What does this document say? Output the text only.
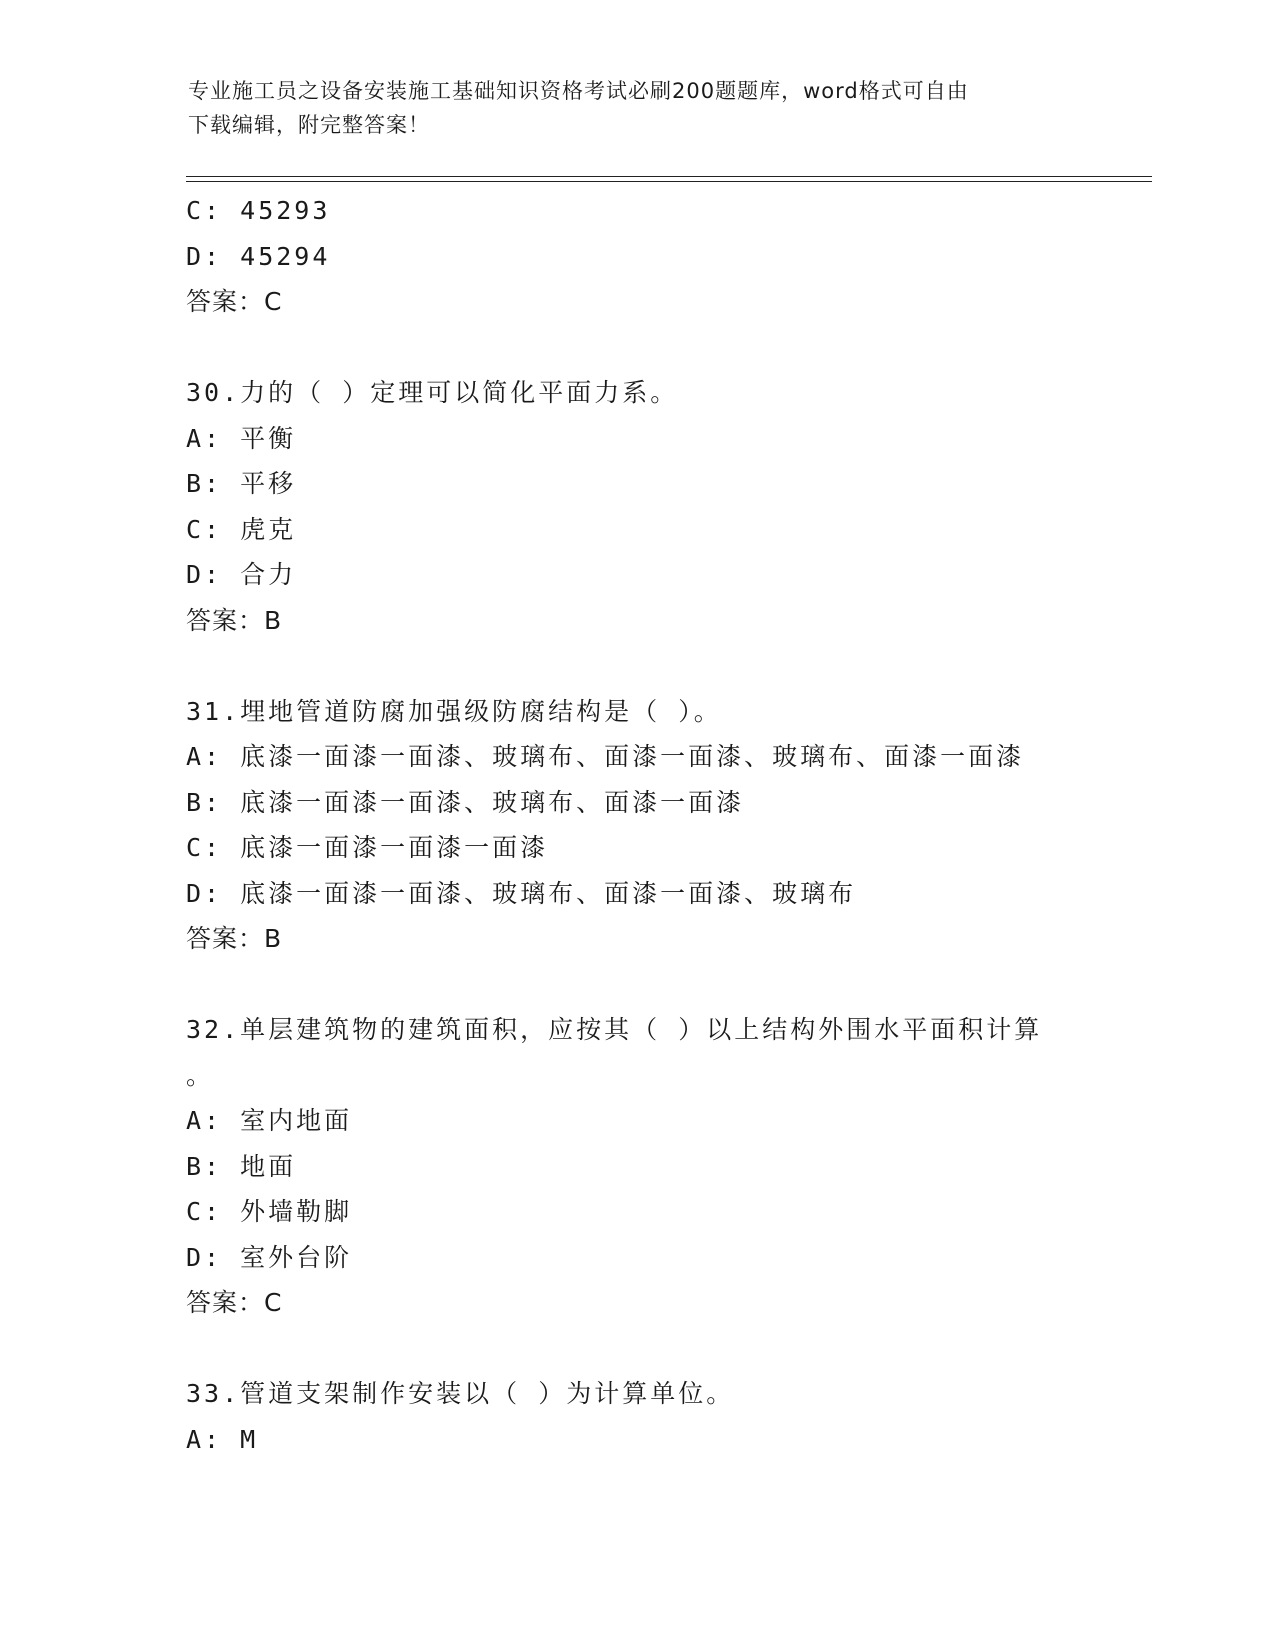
专业施工员之设备安装施工基础知识资格考试必刷200题题库，word格式可自由
下载编辑，附完整答案！
C: 45293
D: 45294
答案：C
30.力的（ ）定理可以简化平面力系。
A: 平衡
B: 平移
C: 虎克
D: 合力
答案：B
31.埋地管道防腐加强级防腐结构是（ ）。
A: 底漆一面漆一面漆、玻璃布、面漆一面漆、玻璃布、面漆一面漆
B: 底漆一面漆一面漆、玻璃布、面漆一面漆
C: 底漆一面漆一面漆一面漆
D: 底漆一面漆一面漆、玻璃布、面漆一面漆、玻璃布
答案：B
32.单层建筑物的建筑面积，应按其（ ）以上结构外围水平面积计算
。
A: 室内地面
B: 地面
C: 外墙勒脚
D: 室外台阶
答案：C
33.管道支架制作安装以（ ）为计算单位。
A: M
